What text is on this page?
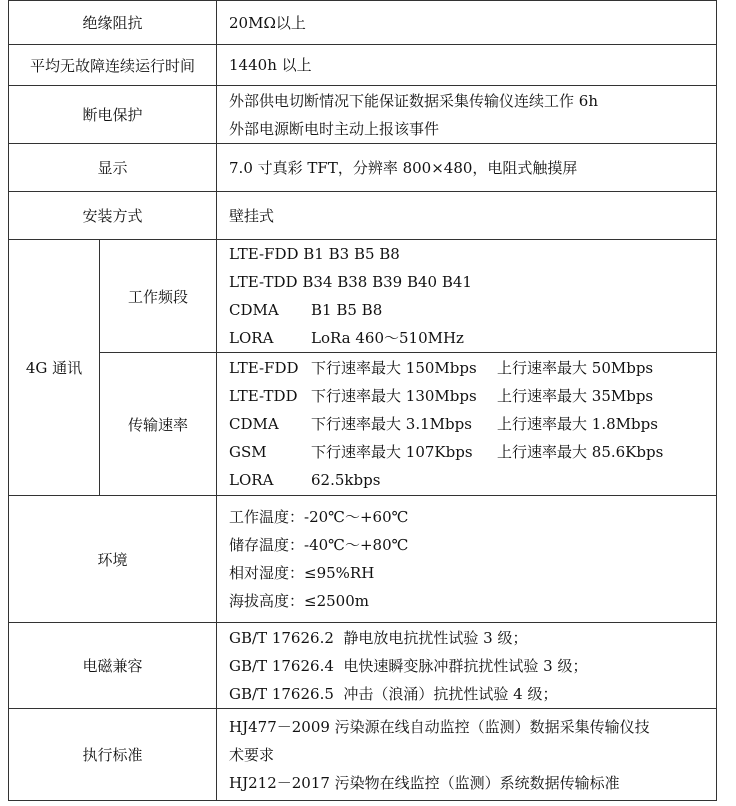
绝缘阻抗		20MΩ以上

平均无故障连续运行时间		1440h 以上

断电保护		外部供电切断情况下能保证数据采集传输仪连续工作 6h
外部电源断电时主动上报该事件

显示		7.0 寸真彩 TFT，分辨率 800×480，电阻式触摸屏

安装方式		壁挂式

4G 通讯	工作频段	LTE-FDD B1 B3 B5 B8
LTE-TDD B34 B38 B39 B40 B41
CDMA B1 B5 B8
LORA LoRa 460～510MHz

	传输速率	LTE-FDD 下行速率最大 150Mbps 上行速率最大 50Mbps
LTE-TDD 下行速率最大 130Mbps 上行速率最大 35Mbps
CDMA 下行速率最大 3.1Mbps 上行速率最大 1.8Mbps
GSM 下行速率最大 107Kbps 上行速率最大 85.6Kbps
LORA 62.5kbps

环境		工作温度：-20℃～+60℃
储存温度：-40℃～+80℃
相对湿度：≤95%RH
海拔高度：≤2500m

电磁兼容		GB/T 17626.2  静电放电抗扰性试验 3 级；
GB/T 17626.4  电快速瞬变脉冲群抗扰性试验 3 级；
GB/T 17626.5  冲击（浪涌）抗扰性试验 4 级；

执行标准		HJ477－2009 污染源在线自动监控（监测）数据采集传输仪技
术要求
HJ212－2017 污染物在线监控（监测）系统数据传输标准
